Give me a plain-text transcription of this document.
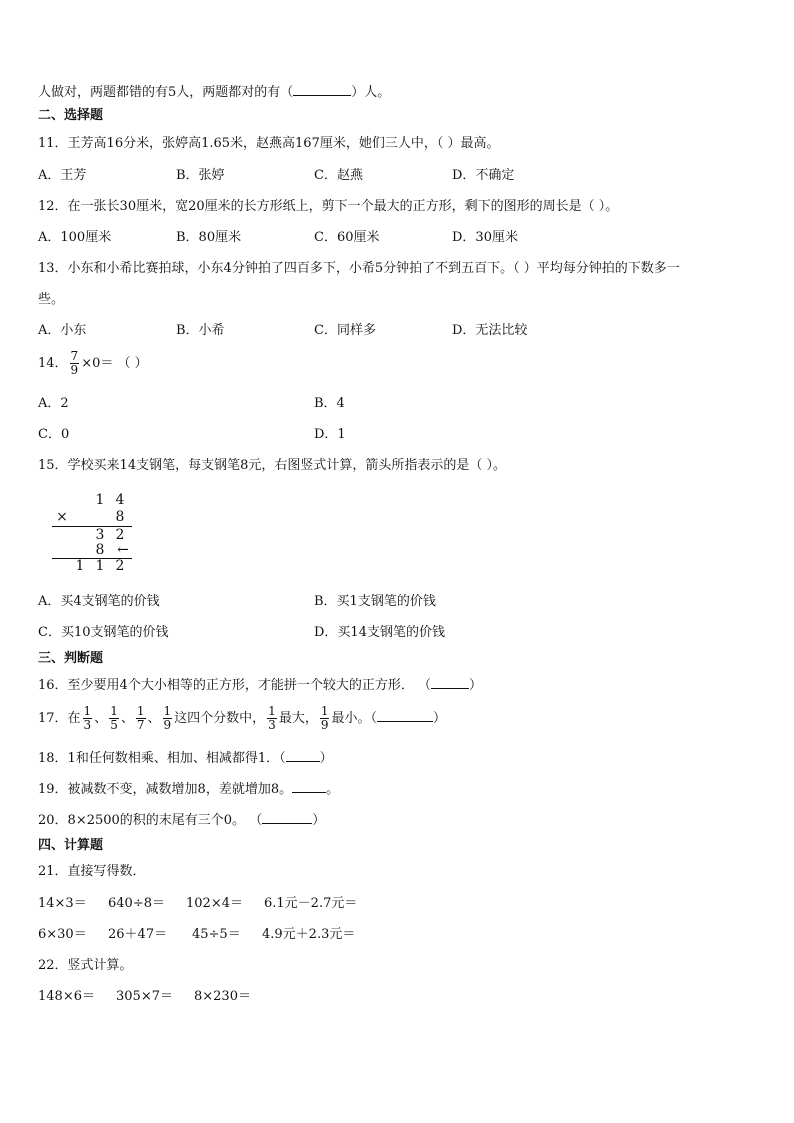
人做对，两题都错的有5人，两题都对的有（	）人。
二、选择题
11．王芳高16分米，张婷高1.65米，赵燕高167厘米，她们三人中，（ ）最高。
A．王芳	B．张婷	C．赵燕	D．不确定
12．在一张长30厘米，宽20厘米的长方形纸上，剪下一个最大的正方形，剩下的图形的周长是（ ）。
A．100厘米	B．80厘米	C．60厘米	D．30厘米
13．小东和小希比赛拍球，小东4分钟拍了四百多下，小希5分钟拍了不到五百下。（ ）平均每分钟拍的下数多一
些。
A．小东	B．小希	C．同样多	D．无法比较
14． $\frac{7}{9} \times 0=$ （ ）
A．2	B．4
C．0	D．1
15．学校买来14支钢笔，每支钢笔8元，右图竖式计算，箭头所指表示的是（ ）。
1 4
×	8
3 2
8 ←
1 1 2
A．买4支钢笔的价钱	B．买1支钢笔的价钱
C．买10支钢笔的价钱	D．买14支钢笔的价钱
三、判断题
16．至少要用4个大小相等的正方形，才能拼一个较大的正方形． （	）
17．在 $\frac{1}{3}$ 、 $\frac{1}{5}$ 、 $\frac{1}{7}$ 、 $\frac{1}{9}$ 这四个分数中， $\frac{1}{3}$ 最大， $\frac{1}{9}$ 最小。（	）
18．1和任何数相乘、相加、相减都得1．（	）
19．被减数不变，减数增加8，差就增加8。	。
20．8×2500的积的末尾有三个0。 （	）
四、计算题
21．直接写得数．
14×3＝ 640÷8＝ 102×4＝ 6.1元－2.7元＝
6×30＝ 26＋47＝ 45÷5＝ 4.9元＋2.3元＝
22．竖式计算。
148×6＝ 305×7＝ 8×230＝
